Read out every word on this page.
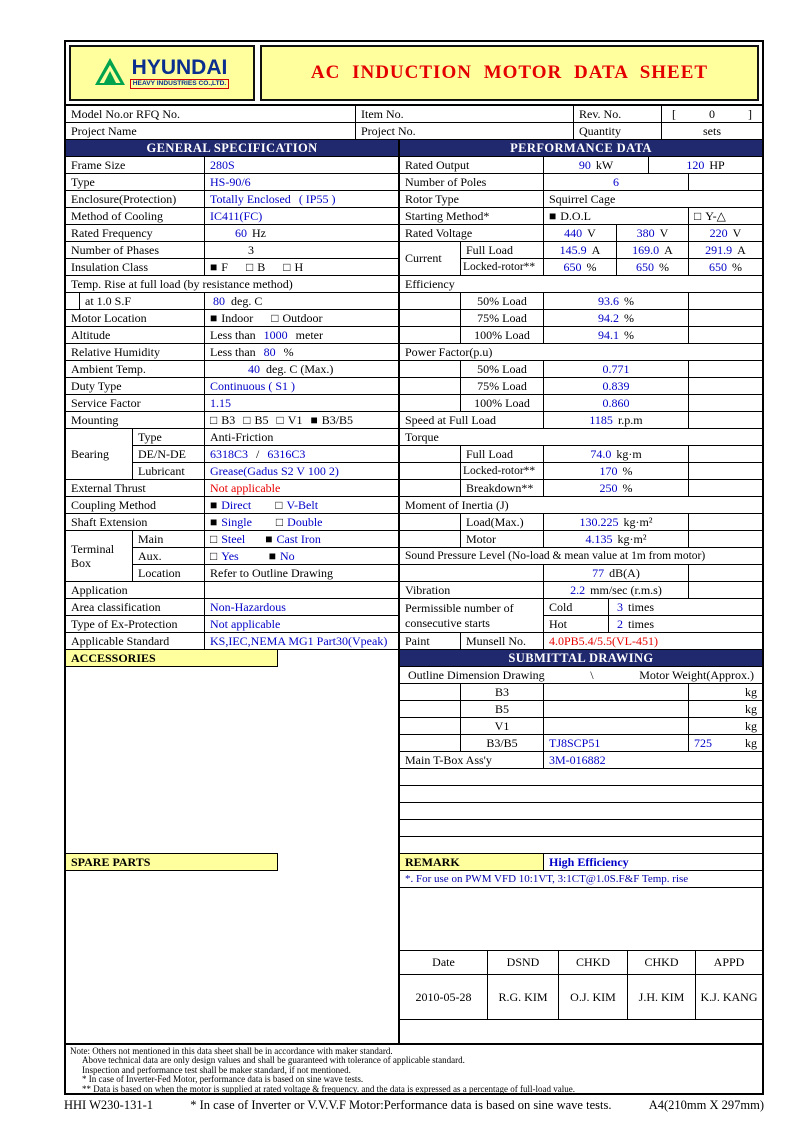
HYUNDAI
HEAVY INDUSTRIES CO.,LTD.
AC INDUCTION MOTOR DATA SHEET
Model No.or RFQ No.	Item No.	Rev. No.	[	0	]
Project Name	Project No.	Quantity	sets
GENERAL SPECIFICATION	PERFORMANCE DATA
Frame Size	280S
Type	HS-90/6
Enclosure(Protection)	Totally Enclosed ( IP55 )
Method of Cooling	IC411(FC)
Rated Frequency	60 Hz
Number of Phases	3
Insulation Class	■ F □ B □ H
Temp. Rise at full load (by resistance method)
at 1.0 S.F	80 deg. C
Motor Location	■ Indoor □ Outdoor
Altitude	Less than 1000 meter
Relative Humidity	Less than 80 %
Ambient Temp.	40 deg. C (Max.)
Duty Type	Continuous ( S1 )
Service Factor	1.15
Mounting	□ B3 □ B5 □ V1 ■ B3/B5
Bearing
Type	Anti-Friction
DE/N-DE	6318C3 / 6316C3
Lubricant	Grease(Gadus S2 V 100 2)
External Thrust	Not applicable
Coupling Method	■ Direct □ V-Belt
Shaft Extension	■ Single □ Double
Terminal
Box
Main	□ Steel ■ Cast Iron
Aux.	□ Yes	■ No
Location	Refer to Outline Drawing
Application
Area classification	Non-Hazardous
Type of Ex-Protection	Not applicable
Applicable Standard	KS,IEC,NEMA MG1 Part30(Vpeak)
ACCESSORIES
SPARE PARTS
Rated Output	90 kW	120 HP
Number of Poles	6
Rotor Type	Squirrel Cage
Starting Method*	■ D.O.L	□ Y-△
Rated Voltage	440 V	380 V	220 V
Current
Full Load	145.9 A	169.0 A	291.9 A
Locked-rotor**	650 %	650 %	650 %
Efficiency
50% Load	93.6 %
75% Load	94.2 %
100% Load	94.1 %
Power Factor(p.u)
50% Load	0.771
75% Load	0.839
100% Load	0.860
Speed at Full Load	1185 r.p.m
Torque
Full Load	74.0 kg·m
Locked-rotor**	170 %
Breakdown**	250 %
Moment of Inertia (J)
Load(Max.)	130.225 kg·m²
Motor	4.135 kg·m²
Sound Pressure Level (No-load & mean value at 1m from motor)
77 dB(A)
Vibration	2.2 mm/sec (r.m.s)
Permissible number of
consecutive starts
Cold	3 times
Hot	2 times
Paint	Munsell No.	4.0PB5.4/5.5(VL-451)
SUBMITTAL DRAWING
Outline Dimension Drawing	\	Motor Weight(Approx.)
B3	kg
B5	kg
V1	kg
B3/B5	TJ8SCP51	725	kg
Main T-Box Ass'y	3M-016882
REMARK	High Efficiency
*. For use on PWM VFD 10:1VT, 3:1CT@1.0S.F&F Temp. rise
Date	DSND	CHKD	CHKD	APPD
2010-05-28	R.G. KIM	O.J. KIM	J.H. KIM	K.J. KANG
Note: Others not mentioned in this data sheet shall be in accordance with maker standard.
Above technical data are only design values and shall be guaranteed with tolerance of applicable standard.
Inspection and performance test shall be maker standard, if not mentioned.
* In case of Inverter-Fed Motor, performance data is based on sine wave tests.
** Data is based on when the motor is supplied at rated voltage & frequency. and the data is expressed as a percentage of full-load value.
HHI W230-131-1	* In case of Inverter or V.V.V.F Motor:Performance data is based on sine wave tests.	A4(210mm X 297mm)
